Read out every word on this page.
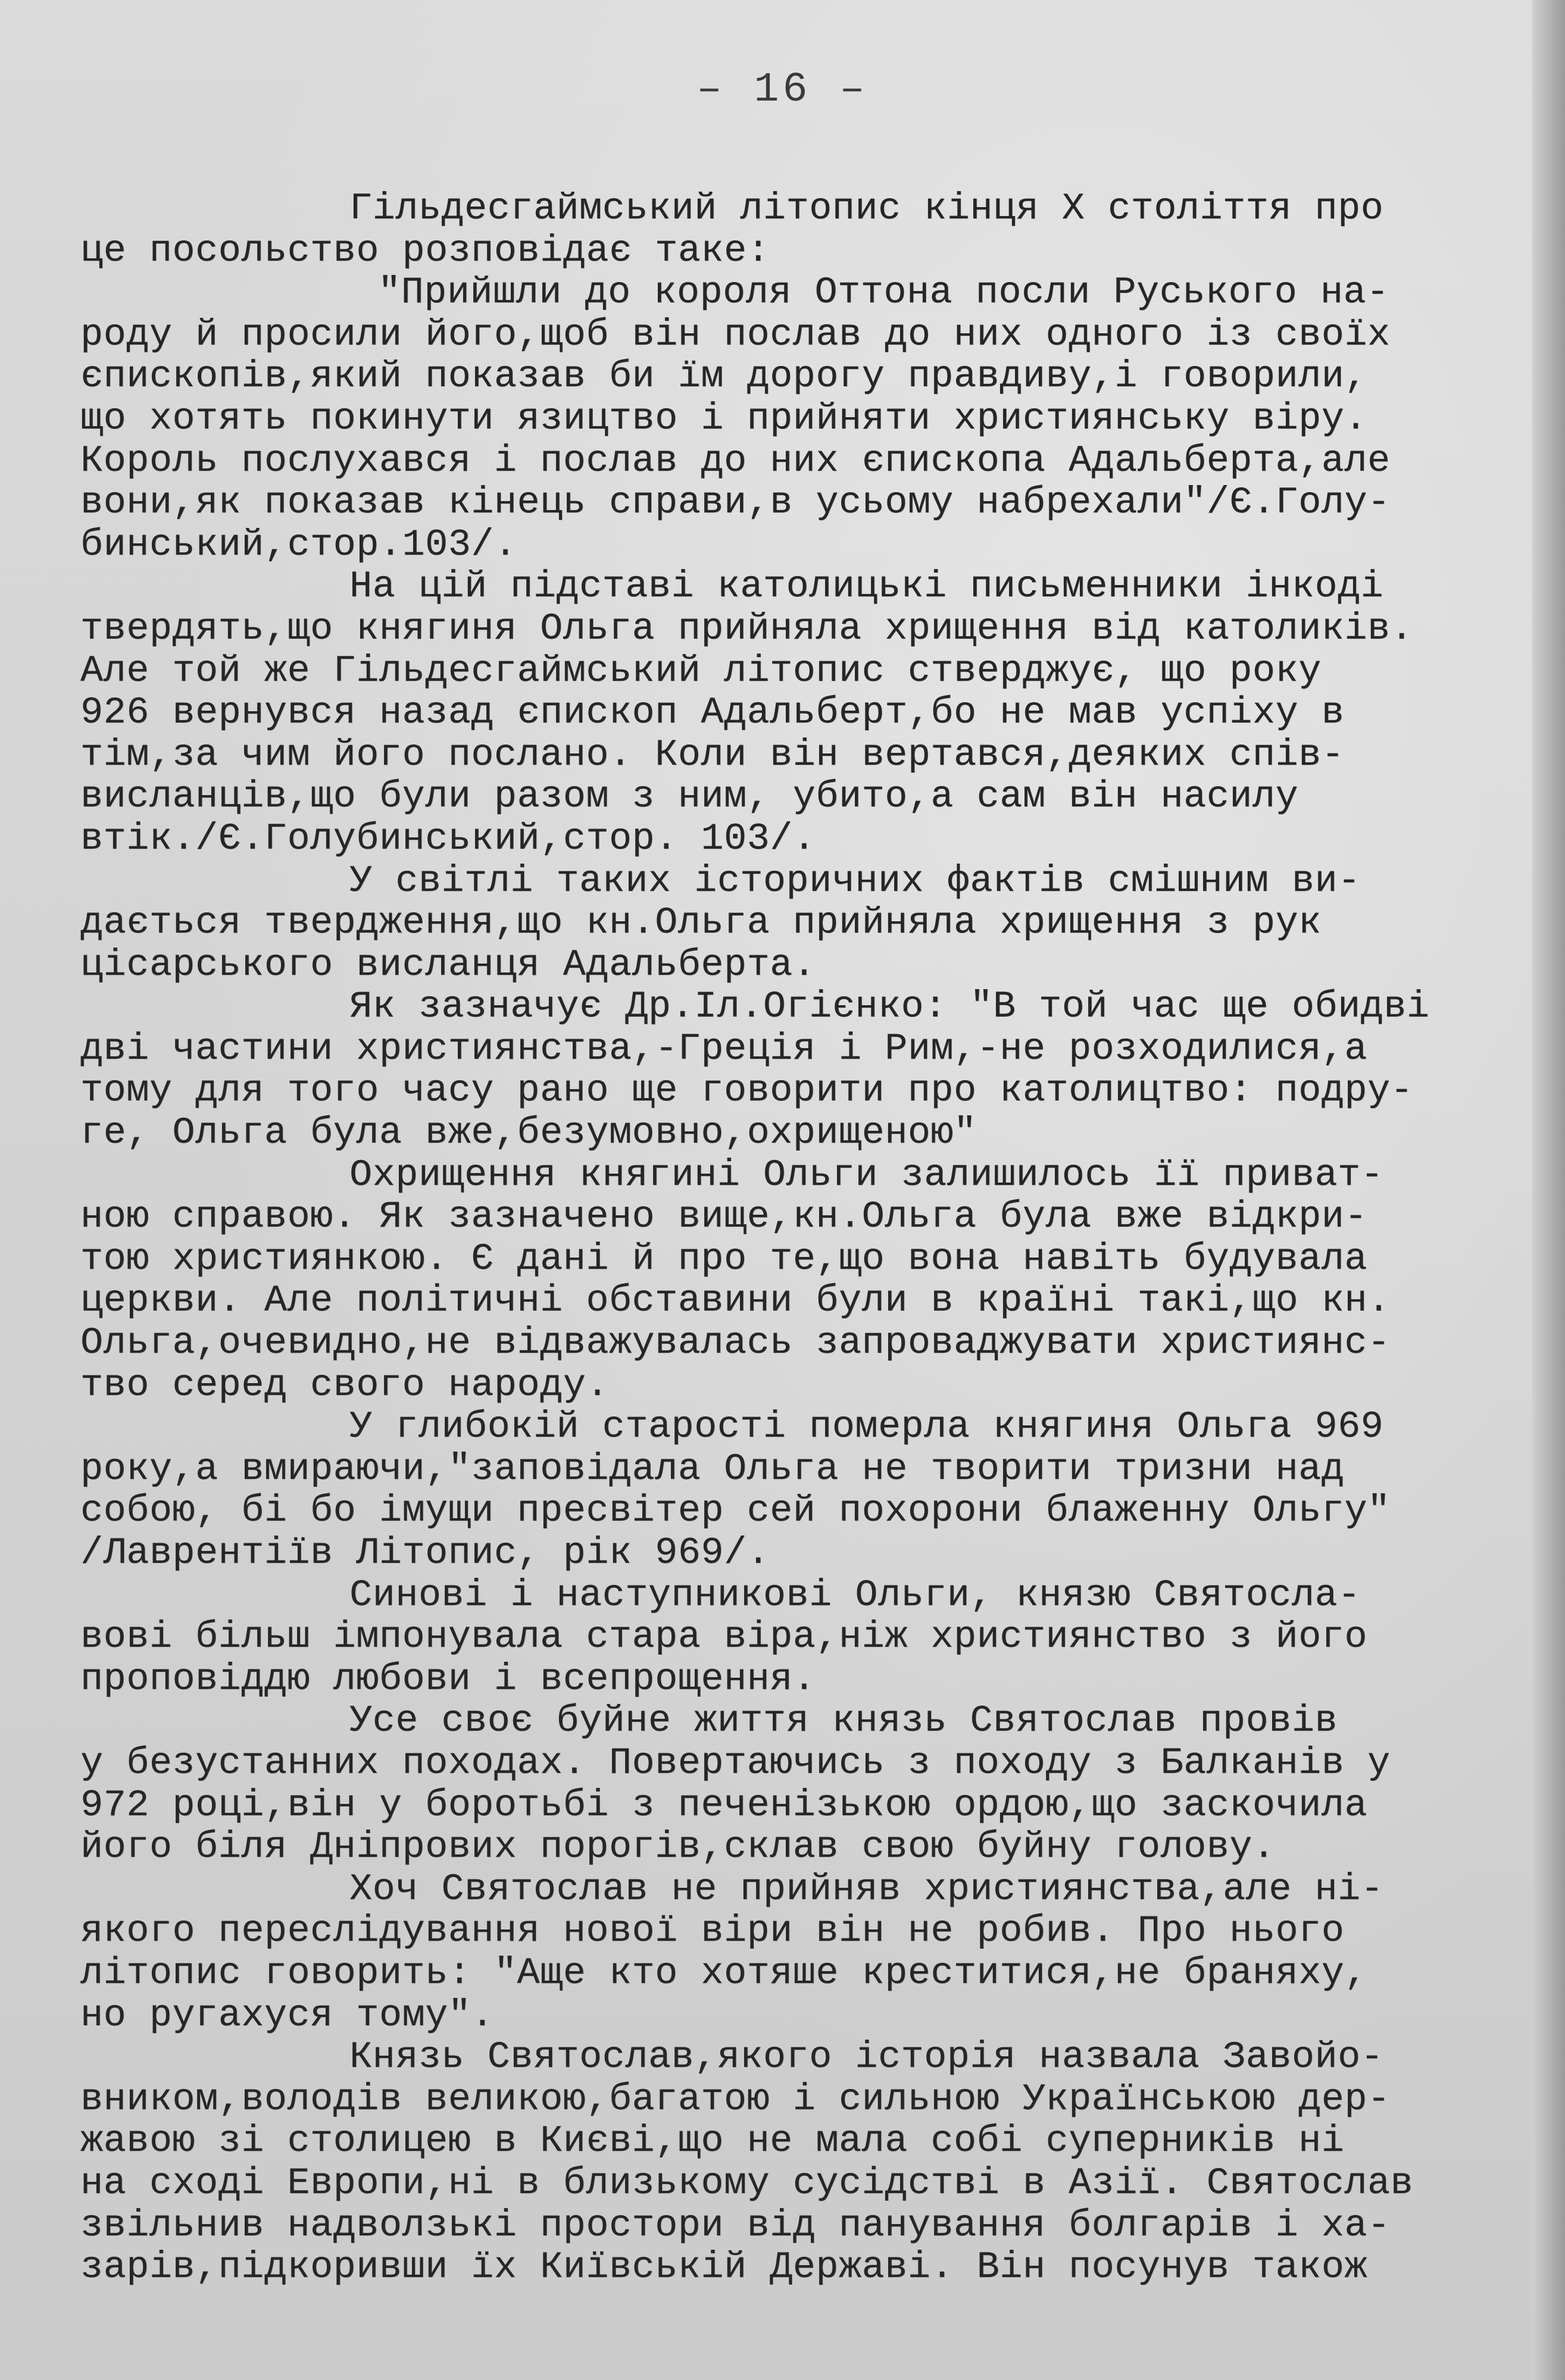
– 16 –
Гільдесгаймський літопис кінця X століття про
це посольство розповідає таке:
"Прийшли до короля Оттона посли Руського на-
роду й просили його,щоб він послав до них одного із своїх
єпископів,який показав би їм дорогу правдиву,і говорили,
що хотять покинути язицтво і прийняти християнську віру.
Король послухався і послав до них єпископа Адальберта,але
вони,як показав кінець справи,в усьому набрехали"/Є.Голу-
бинський,стор.103/.
На цій підставі католицькі письменники інкоді
твердять,що княгиня Ольга прийняла хрищення від католиків.
Але той же Гільдесгаймський літопис стверджує, що року
926 вернувся назад єпископ Адальберт,бо не мав успіху в
тім,за чим його послано. Коли він вертався,деяких спів-
висланців,що були разом з ним, убито,а сам він насилу
втік./Є.Голубинський,стор. 103/.
У світлі таких історичних фактів смішним ви-
дається твердження,що кн.Ольга прийняла хрищення з рук
цісарського висланця Адальберта.
Як зазначує Др.Іл.Огієнко: "В той час ще обидві
дві частини християнства,-Греція і Рим,-не розходилися,а
тому для того часу рано ще говорити про католицтво: подру-
ге, Ольга була вже,безумовно,охрищеною"
Охрищення княгині Ольги залишилось її приват-
ною справою. Як зазначено вище,кн.Ольга була вже відкри-
тою християнкою. Є дані й про те,що вона навіть будувала
церкви. Але політичні обставини були в країні такі,що кн.
Ольга,очевидно,не відважувалась запроваджувати християнс-
тво серед свого народу.
У глибокій старості померла княгиня Ольга 969
року,а вмираючи,"заповідала Ольга не творити тризни над
собою, бі бо імущи пресвітер сей похорони блаженну Ольгу"
/Лаврентіїв Літопис, рік 969/.
Синові і наступникові Ольги, князю Святосла-
вові більш імпонувала стара віра,ніж християнство з його
проповіддю любови і всепрощення.
Усе своє буйне життя князь Святослав провів
у безустанних походах. Повертаючись з походу з Балканів у
972 році,він у боротьбі з печенізькою ордою,що заскочила
його біля Дніпрових порогів,склав свою буйну голову.
Хоч Святослав не прийняв християнства,але ні-
якого переслідування нової віри він не робив. Про нього
літопис говорить: "Аще кто хотяше креститися,не браняху,
но ругахуся тому".
Князь Святослав,якого історія назвала Завойо-
вником,володів великою,багатою і сильною Українською дер-
жавою зі столицею в Києві,що не мала собі суперників ні
на сході Европи,ні в близькому сусідстві в Азії. Святослав
звільнив надволзькі простори від панування болгарів і ха-
зарів,підкоривши їх Київській Державі. Він посунув також
